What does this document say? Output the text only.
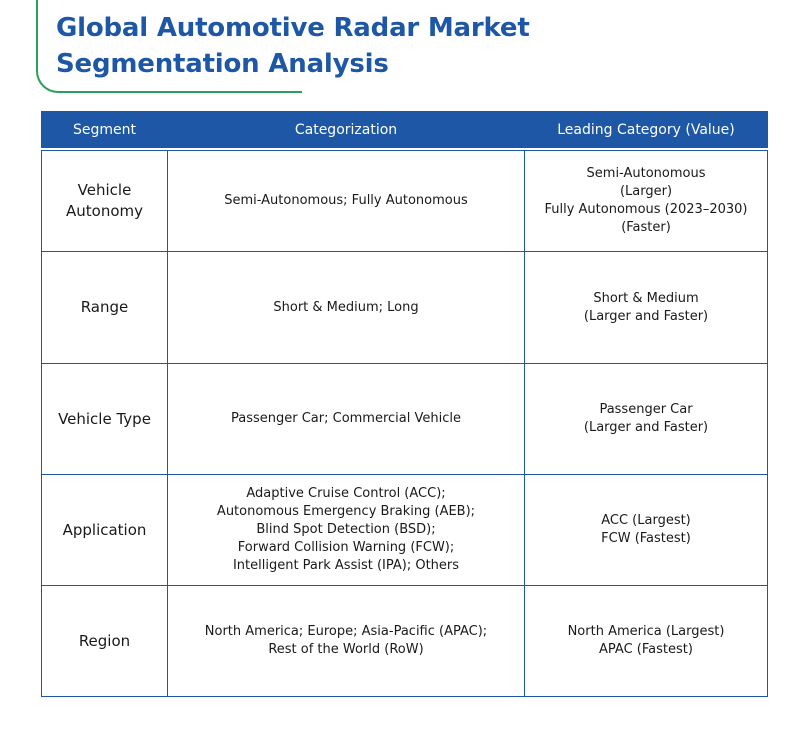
Global Automotive Radar Market
Segmentation Analysis
Segment	Categorization	Leading Category (Value)

Vehicle
Autonomy	Semi-Autonomous; Fully Autonomous	Semi-Autonomous
(Larger)
Fully Autonomous (2023–2030)
(Faster)

Range	Short & Medium; Long	Short & Medium
(Larger and Faster)

Vehicle Type	Passenger Car; Commercial Vehicle	Passenger Car
(Larger and Faster)

Application	Adaptive Cruise Control (ACC);
Autonomous Emergency Braking (AEB);
Blind Spot Detection (BSD);
Forward Collision Warning (FCW);
Intelligent Park Assist (IPA); Others	ACC (Largest)
FCW (Fastest)

Region	North America; Europe; Asia-Pacific (APAC);
Rest of the World (RoW)	North America (Largest)
APAC (Fastest)
